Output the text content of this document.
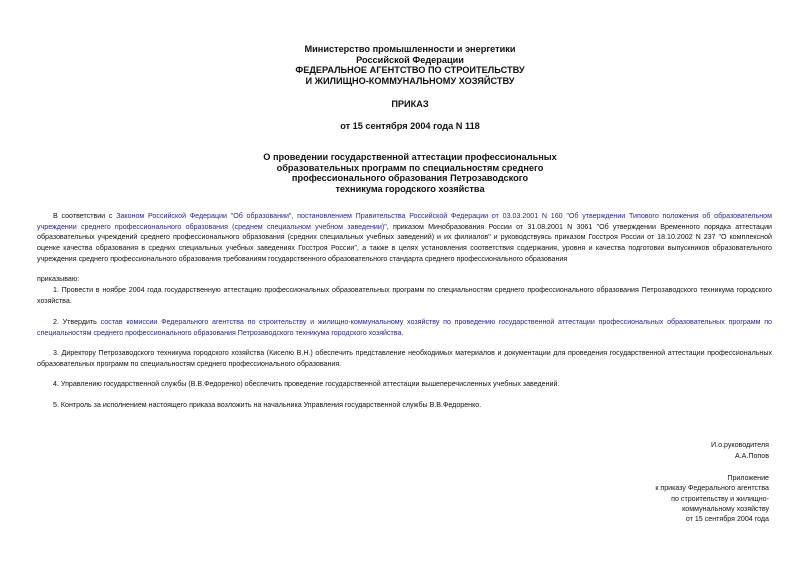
Министерство промышленности и энергетики
Российской Федерации
ФЕДЕРАЛЬНОЕ АГЕНТСТВО ПО СТРОИТЕЛЬСТВУ
И ЖИЛИЩНО-КОММУНАЛЬНОМУ ХОЗЯЙСТВУ
ПРИКАЗ
от 15 сентября 2004 года N 118
О проведении государственной аттестации профессиональных
образовательных программ по специальностям среднего
профессионального образования Петрозаводского
техникума городского хозяйства
В соответствии с Законом Российской Федерации "Об образовании", постановлением Правительства Российской Федерации от 03.03.2001 N 160 "Об утверждении Типового положения об образовательном учреждении среднего профессионального образования (среднем специальном учебном заведении)", приказом Минобразования России от 31.08.2001 N 3061 "Об утверждении Временного порядка аттестации образовательных учреждений среднего профессионального образования (средних специальных учебных заведений) и их филиалов" и руководствуясь приказом Госстроя России от 18.10.2002 N 237 "О комплексной оценке качества образования в средних специальных учебных заведениях Госстроя России", а также в целях установления соответствия содержания, уровня и качества подготовки выпускников образовательного учреждения среднего профессионального образования требованиям государственного образовательного стандарта среднего профессионального образования
приказываю:
1. Провести в ноябре 2004 года государственную аттестацию профессиональных образовательных программ по специальностям среднего профессионального образования Петрозаводского техникума городского хозяйства.
2. Утвердить состав комиссии Федерального агентства по строительству и жилищно-коммунальному хозяйству по проведению государственной аттестации профессиональных образовательных программ по специальностям среднего профессионального образования Петрозаводского техникума городского хозяйства.
3. Директору Петрозаводского техникума городского хозяйства (Киселю В.Н.) обеспечить представление необходимых материалов и документации для проведения государственной аттестации профессиональных образовательных программ по специальностям среднего профессионального образования.
4. Управлению государственной службы (В.В.Федоренко) обеспечить проведение государственной аттестации вышеперечисленных учебных заведений.
5. Контроль за исполнением настоящего приказа возложить на начальника Управления государственной службы В.В.Федоренко.
И.о.руководителя
А.А.Попов
Приложение
к приказу Федерального агентства
по строительству и жилищно-
коммунальному хозяйству
от 15 сентября 2004 года
